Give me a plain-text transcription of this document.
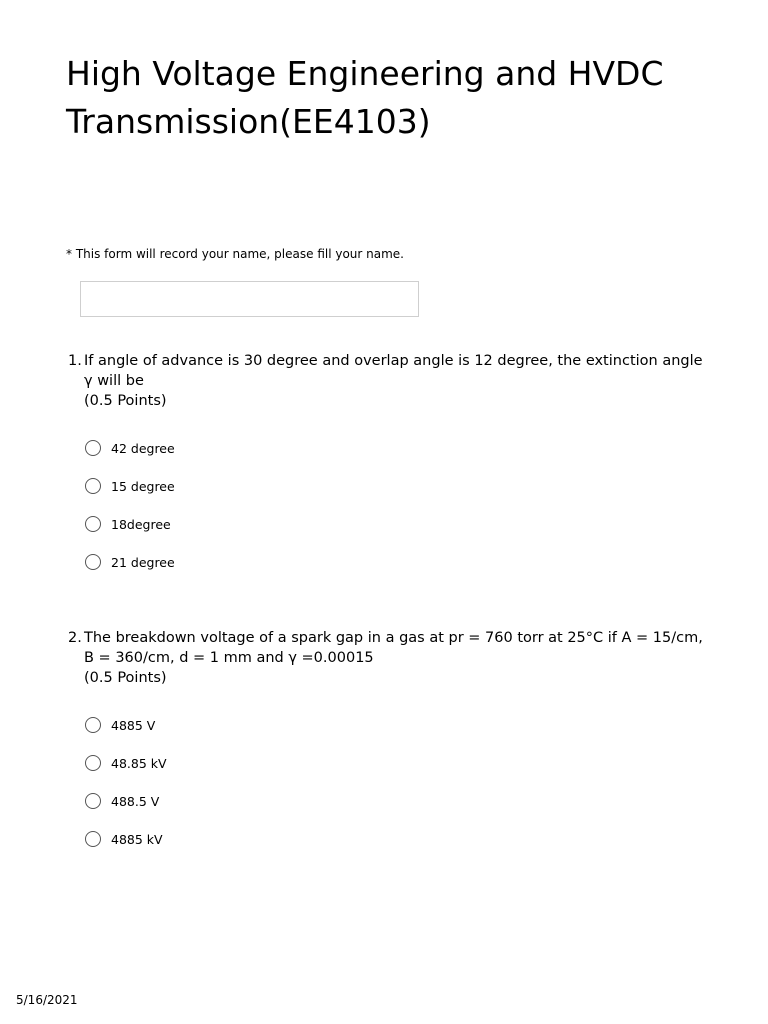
High Voltage Engineering and HVDC Transmission(EE4103)
* This form will record your name, please fill your name.
1. If angle of advance is 30 degree and overlap angle is 12 degree, the extinction angle γ will be
(0.5 Points)
42 degree
15 degree
18degree
21 degree
2. The breakdown voltage of a spark gap in a gas at pr = 760 torr at 25°C if A = 15/cm, B = 360/cm, d = 1 mm and γ =0.00015
(0.5 Points)
4885 V
48.85 kV
488.5 V
4885 kV
5/16/2021
